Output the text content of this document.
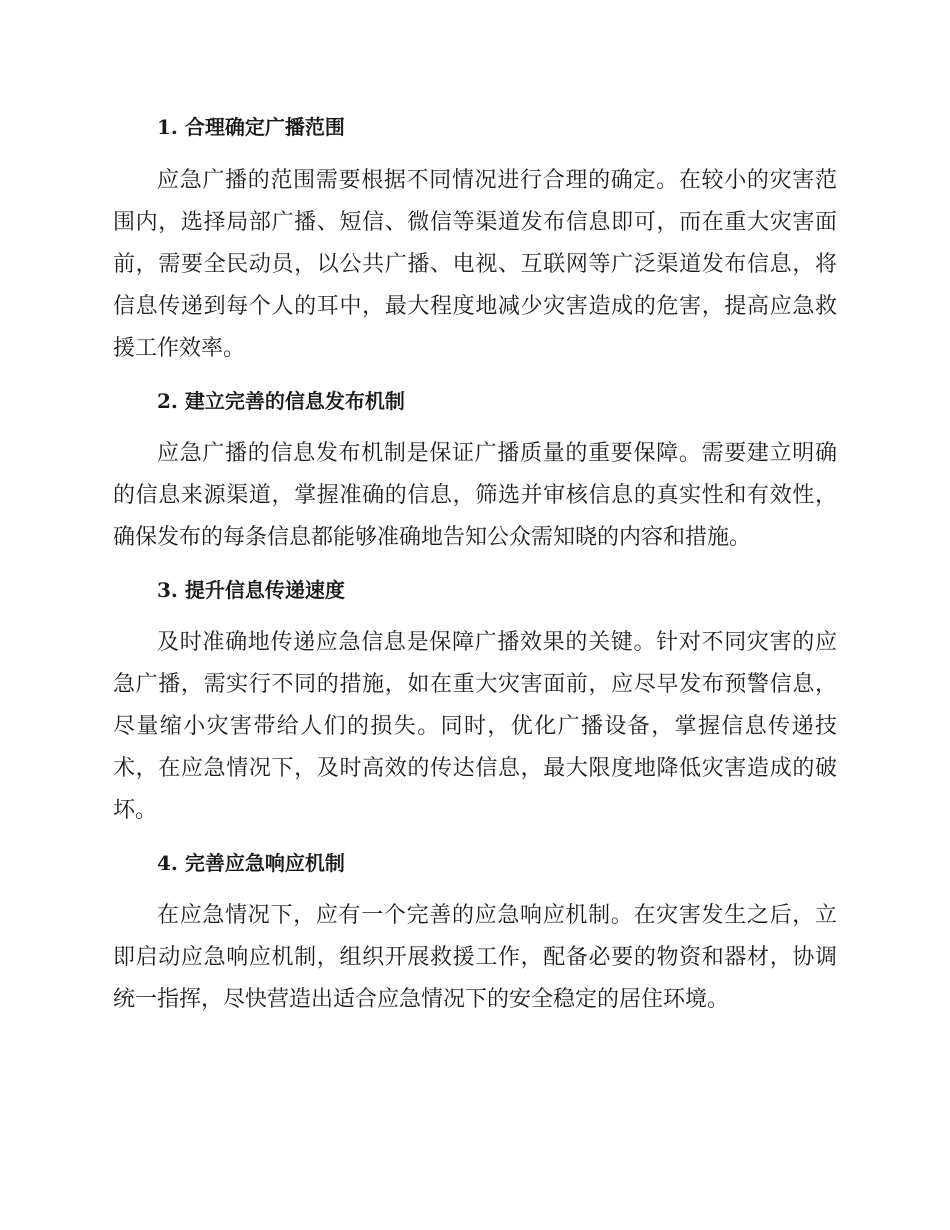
1. 合理确定广播范围

应急广播的范围需要根据不同情况进行合理的确定。在较小的灾害范围内，选择局部广播、短信、微信等渠道发布信息即可，而在重大灾害面前，需要全民动员，以公共广播、电视、互联网等广泛渠道发布信息，将信息传递到每个人的耳中，最大程度地减少灾害造成的危害，提高应急救援工作效率。

2. 建立完善的信息发布机制

应急广播的信息发布机制是保证广播质量的重要保障。需要建立明确的信息来源渠道，掌握准确的信息，筛选并审核信息的真实性和有效性，确保发布的每条信息都能够准确地告知公众需知晓的内容和措施。

3. 提升信息传递速度

及时准确地传递应急信息是保障广播效果的关键。针对不同灾害的应急广播，需实行不同的措施，如在重大灾害面前，应尽早发布预警信息，尽量缩小灾害带给人们的损失。同时，优化广播设备，掌握信息传递技术，在应急情况下，及时高效的传达信息，最大限度地降低灾害造成的破坏。

4. 完善应急响应机制

在应急情况下，应有一个完善的应急响应机制。在灾害发生之后，立即启动应急响应机制，组织开展救援工作，配备必要的物资和器材，协调统一指挥，尽快营造出适合应急情况下的安全稳定的居住环境。
